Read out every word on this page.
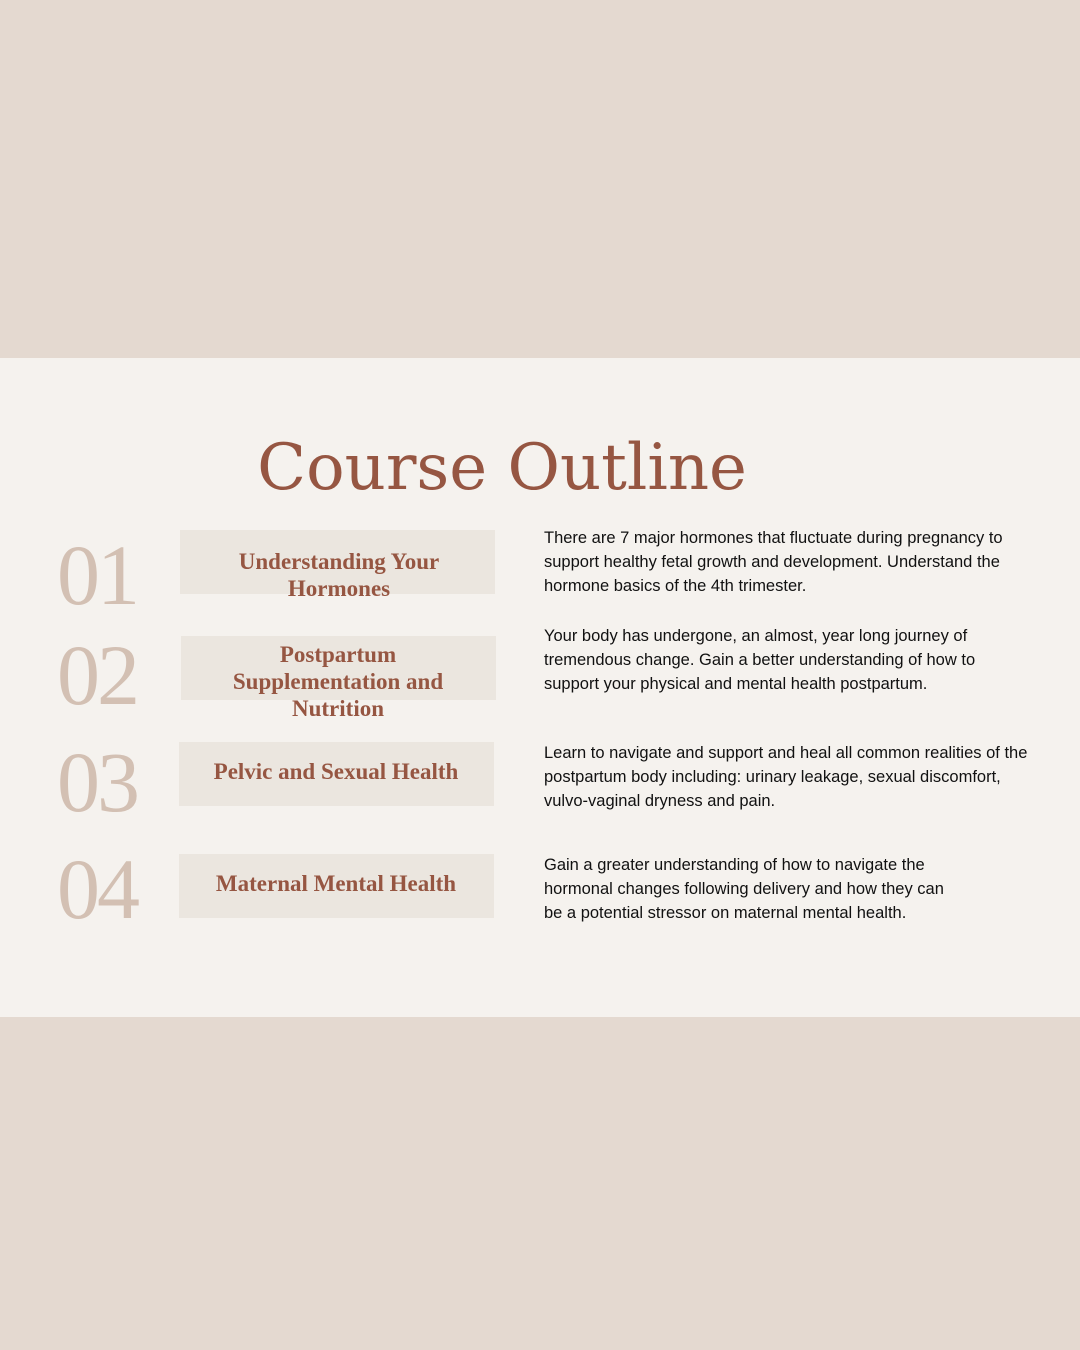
Course Outline
01	Understanding Your Hormones

There are 7 major hormones that fluctuate during pregnancy to support healthy fetal growth and development. Understand the hormone basics of the 4th trimester.

02	Postpartum Supplementation and Nutrition

Your body has undergone, an almost, year long journey of tremendous change. Gain a better understanding of how to support your physical and mental health postpartum.

03	Pelvic and Sexual Health

Learn to navigate and support and heal all common realities of the postpartum body including: urinary leakage, sexual discomfort, vulvo-vaginal dryness and pain.

04	Maternal Mental Health

Gain a greater understanding of how to navigate the hormonal changes following delivery and how they can be a potential stressor on maternal mental health.
